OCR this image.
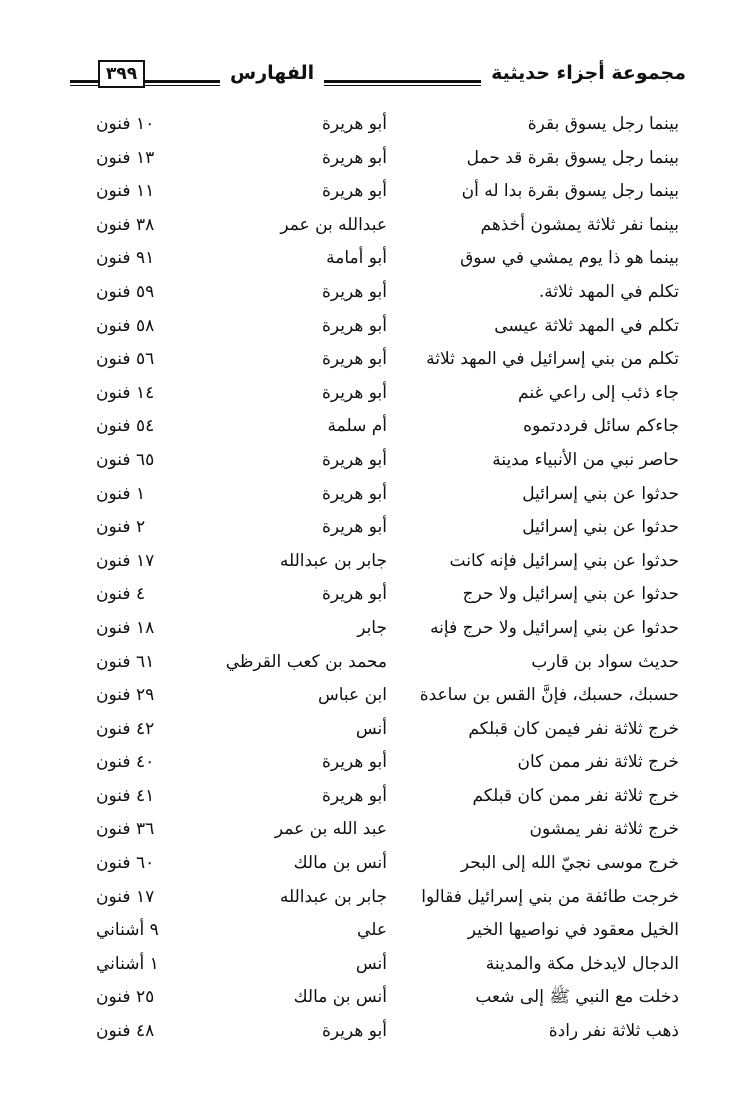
مجموعة أجزاء حديثية
الفهارس
٣٩٩
بينما رجل يسوق بقرة
أبو هريرة
١٠ فنون
بينما رجل يسوق بقرة قد حمل
أبو هريرة
١٣ فنون
بينما رجل يسوق بقرة بدا له أن
أبو هريرة
١١ فنون
بينما نفر ثلاثة يمشون أخذهم
عبدالله بن عمر
٣٨ فنون
بينما هو ذا يوم يمشي في سوق
أبو أمامة
٩١ فنون
تكلم في المهد ثلاثة.
أبو هريرة
٥٩ فنون
تكلم في المهد ثلاثة عيسى
أبو هريرة
٥٨ فنون
تكلم من بني إسرائيل في المهد ثلاثة
أبو هريرة
٥٦ فنون
جاء ذئب إلى راعي غنم
أبو هريرة
١٤ فنون
جاءكم سائل فرددتموه
أم سلمة
٥٤ فنون
حاصر نبي من الأنبياء مدينة
أبو هريرة
٦٥ فنون
حدثوا عن بني إسرائيل
أبو هريرة
١ فنون
حدثوا عن بني إسرائيل
أبو هريرة
٢ فنون
حدثوا عن بني إسرائيل فإنه كانت
جابر بن عبدالله
١٧ فنون
حدثوا عن بني إسرائيل ولا حرج
أبو هريرة
٤ فنون
حدثوا عن بني إسرائيل ولا حرج فإنه
جابر
١٨ فنون
حديث سواد بن قارب
محمد بن كعب القرظي
٦١ فنون
حسبك، حسبك، فإنَّ القس بن ساعدة
ابن عباس
٢٩ فنون
خرج ثلاثة نفر فيمن كان قبلكم
أنس
٤٢ فنون
خرج ثلاثة نفر ممن كان
أبو هريرة
٤٠ فنون
خرج ثلاثة نفر ممن كان قبلكم
أبو هريرة
٤١ فنون
خرج ثلاثة نفر يمشون
عبد الله بن عمر
٣٦ فنون
خرج موسى نجيّ الله إلى البحر
أنس بن مالك
٦٠ فنون
خرجت طائفة من بني إسرائيل فقالوا
جابر بن عبدالله
١٧ فنون
الخيل معقود في نواصيها الخير
علي
٩ أشناني
الدجال لايدخل مكة والمدينة
أنس
١ أشناني
دخلت مع النبي ﷺ إلى شعب
أنس بن مالك
٢٥ فنون
ذهب ثلاثة نفر رادة
أبو هريرة
٤٨ فنون
